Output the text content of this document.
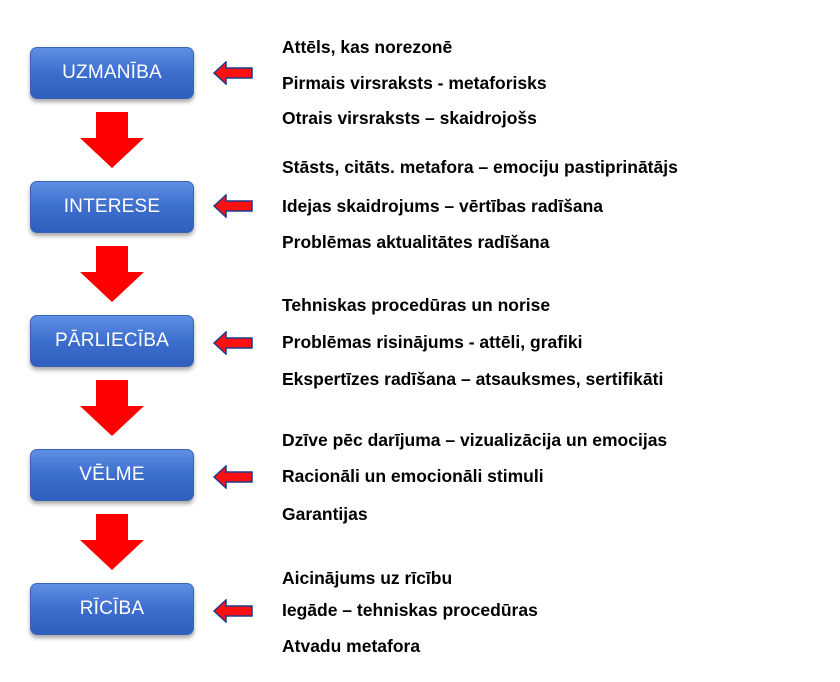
UZMANĪBA
Attēls, kas norezonē
Pirmais virsraksts - metaforisks
Otrais virsraksts – skaidrojošs
INTERESE
Stāsts, citāts. metafora – emociju pastiprinātājs
Idejas skaidrojums – vērtības radīšana
Problēmas aktualitātes radīšana
PĀRLIECĪBA
Tehniskas procedūras un norise
Problēmas risinājums - attēli, grafiki
Ekspertīzes radīšana – atsauksmes, sertifikāti
VĒLME
Dzīve pēc darījuma – vizualizācija un emocijas
Racionāli un emocionāli stimuli
Garantijas
RĪCĪBA
Aicinājums uz rīcību
Iegāde – tehniskas procedūras
Atvadu metafora
